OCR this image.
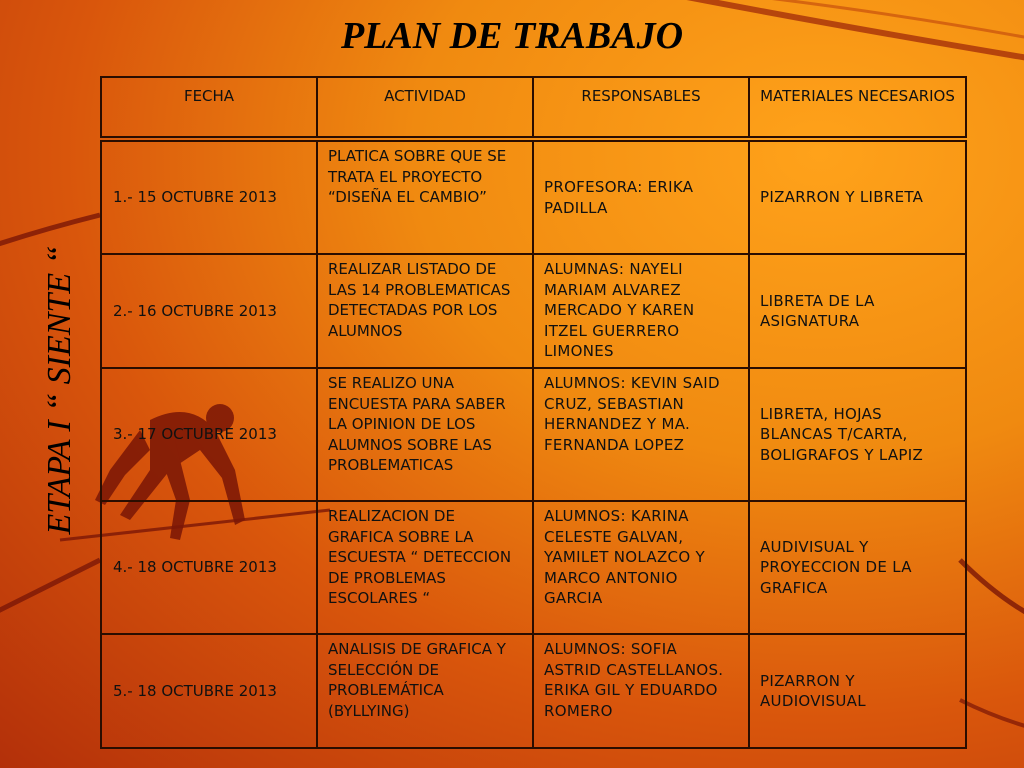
PLAN DE TRABAJO
ETAPA I “ SIENTE “
FECHA	ACTIVIDAD	RESPONSABLES	MATERIALES NECESARIOS
1.- 15 OCTUBRE 2013	PLATICA SOBRE QUE SE TRATA EL PROYECTO “DISEÑA EL CAMBIO”	PROFESORA: ERIKA PADILLA	PIZARRON Y LIBRETA
2.- 16 OCTUBRE 2013	REALIZAR LISTADO DE LAS 14 PROBLEMATICAS DETECTADAS POR LOS ALUMNOS	ALUMNAS: NAYELI MARIAM ALVAREZ MERCADO Y KAREN ITZEL GUERRERO LIMONES	LIBRETA DE LA ASIGNATURA
3.- 17 OCTUBRE 2013	SE REALIZO UNA ENCUESTA PARA SABER LA OPINION DE LOS ALUMNOS SOBRE LAS PROBLEMATICAS	ALUMNOS: KEVIN SAID CRUZ, SEBASTIAN HERNANDEZ Y MA. FERNANDA LOPEZ	LIBRETA, HOJAS BLANCAS T/CARTA, BOLIGRAFOS Y LAPIZ
4.- 18 OCTUBRE 2013	REALIZACION DE GRAFICA SOBRE LA ESCUESTA “ DETECCION DE PROBLEMAS ESCOLARES “	ALUMNOS: KARINA CELESTE GALVAN, YAMILET NOLAZCO Y MARCO ANTONIO GARCIA	AUDIVISUAL Y PROYECCION DE LA GRAFICA
5.- 18 OCTUBRE 2013	ANALISIS DE GRAFICA Y SELECCIÓN DE PROBLEMÁTICA (BYLLYING)	ALUMNOS: SOFIA ASTRID CASTELLANOS. ERIKA GIL Y EDUARDO ROMERO	PIZARRON Y AUDIOVISUAL
